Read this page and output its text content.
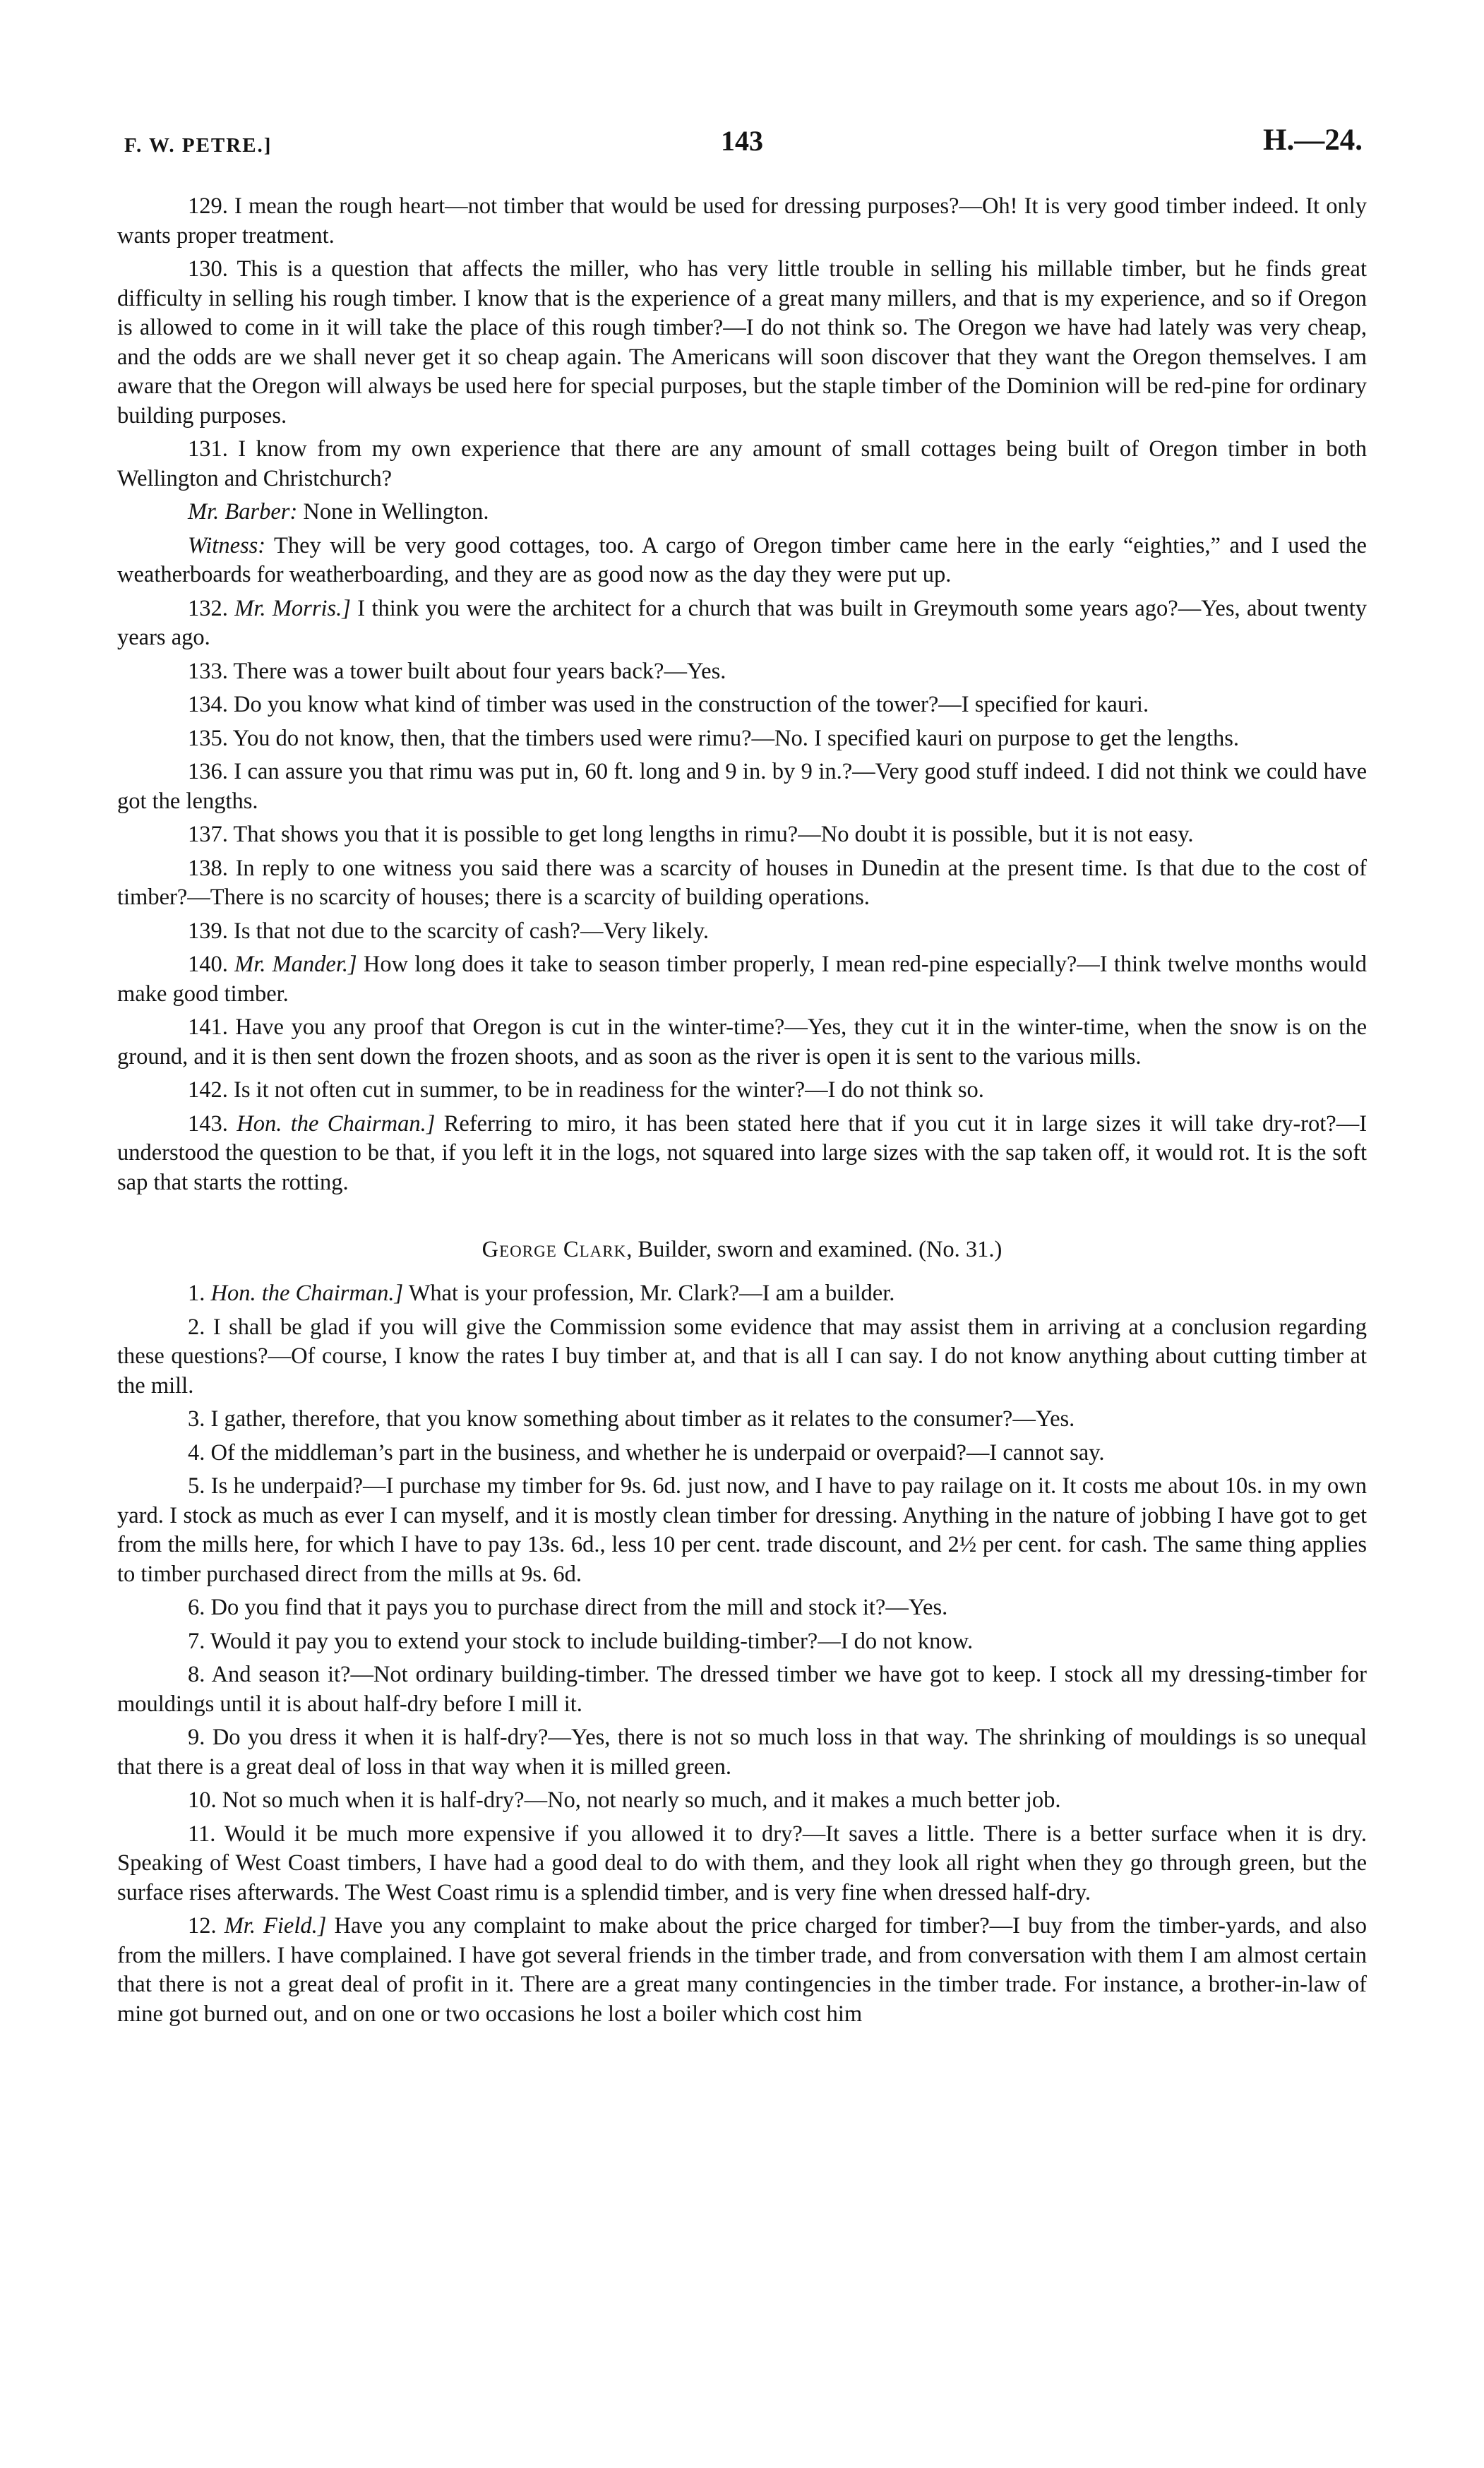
F. W. PETRE.]	143	H.—24.

129. I mean the rough heart—not timber that would be used for dressing purposes?—Oh! It is very good timber indeed. It only wants proper treatment.

130. This is a question that affects the miller, who has very little trouble in selling his millable timber, but he finds great difficulty in selling his rough timber. I know that is the experience of a great many millers, and that is my experience, and so if Oregon is allowed to come in it will take the place of this rough timber?—I do not think so. The Oregon we have had lately was very cheap, and the odds are we shall never get it so cheap again. The Americans will soon discover that they want the Oregon themselves. I am aware that the Oregon will always be used here for special purposes, but the staple timber of the Dominion will be red-pine for ordinary building purposes.

131. I know from my own experience that there are any amount of small cottages being built of Oregon timber in both Wellington and Christchurch?

Mr. Barber: None in Wellington.

Witness: They will be very good cottages, too. A cargo of Oregon timber came here in the early “eighties,” and I used the weatherboards for weatherboarding, and they are as good now as the day they were put up.

132. Mr. Morris.] I think you were the architect for a church that was built in Greymouth some years ago?—Yes, about twenty years ago.

133. There was a tower built about four years back?—Yes.

134. Do you know what kind of timber was used in the construction of the tower?—I specified for kauri.

135. You do not know, then, that the timbers used were rimu?—No. I specified kauri on purpose to get the lengths.

136. I can assure you that rimu was put in, 60 ft. long and 9 in. by 9 in.?—Very good stuff indeed. I did not think we could have got the lengths.

137. That shows you that it is possible to get long lengths in rimu?—No doubt it is possible, but it is not easy.

138. In reply to one witness you said there was a scarcity of houses in Dunedin at the present time. Is that due to the cost of timber?—There is no scarcity of houses; there is a scarcity of building operations.

139. Is that not due to the scarcity of cash?—Very likely.

140. Mr. Mander.] How long does it take to season timber properly, I mean red-pine especially?—I think twelve months would make good timber.

141. Have you any proof that Oregon is cut in the winter-time?—Yes, they cut it in the winter-time, when the snow is on the ground, and it is then sent down the frozen shoots, and as soon as the river is open it is sent to the various mills.

142. Is it not often cut in summer, to be in readiness for the winter?—I do not think so.

143. Hon. the Chairman.] Referring to miro, it has been stated here that if you cut it in large sizes it will take dry-rot?—I understood the question to be that, if you left it in the logs, not squared into large sizes with the sap taken off, it would rot. It is the soft sap that starts the rotting.

George Clark, Builder, sworn and examined. (No. 31.)

1. Hon. the Chairman.] What is your profession, Mr. Clark?—I am a builder.

2. I shall be glad if you will give the Commission some evidence that may assist them in arriving at a conclusion regarding these questions?—Of course, I know the rates I buy timber at, and that is all I can say. I do not know anything about cutting timber at the mill.

3. I gather, therefore, that you know something about timber as it relates to the consumer?—Yes.

4. Of the middleman’s part in the business, and whether he is underpaid or overpaid?—I cannot say.

5. Is he underpaid?—I purchase my timber for 9s. 6d. just now, and I have to pay railage on it. It costs me about 10s. in my own yard. I stock as much as ever I can myself, and it is mostly clean timber for dressing. Anything in the nature of jobbing I have got to get from the mills here, for which I have to pay 13s. 6d., less 10 per cent. trade discount, and 2½ per cent. for cash. The same thing applies to timber purchased direct from the mills at 9s. 6d.

6. Do you find that it pays you to purchase direct from the mill and stock it?—Yes.

7. Would it pay you to extend your stock to include building-timber?—I do not know.

8. And season it?—Not ordinary building-timber. The dressed timber we have got to keep. I stock all my dressing-timber for mouldings until it is about half-dry before I mill it.

9. Do you dress it when it is half-dry?—Yes, there is not so much loss in that way. The shrinking of mouldings is so unequal that there is a great deal of loss in that way when it is milled green.

10. Not so much when it is half-dry?—No, not nearly so much, and it makes a much better job.

11. Would it be much more expensive if you allowed it to dry?—It saves a little. There is a better surface when it is dry. Speaking of West Coast timbers, I have had a good deal to do with them, and they look all right when they go through green, but the surface rises afterwards. The West Coast rimu is a splendid timber, and is very fine when dressed half-dry.

12. Mr. Field.] Have you any complaint to make about the price charged for timber?—I buy from the timber-yards, and also from the millers. I have complained. I have got several friends in the timber trade, and from conversation with them I am almost certain that there is not a great deal of profit in it. There are a great many contingencies in the timber trade. For instance, a brother-in-law of mine got burned out, and on one or two occasions he lost a boiler which cost him
